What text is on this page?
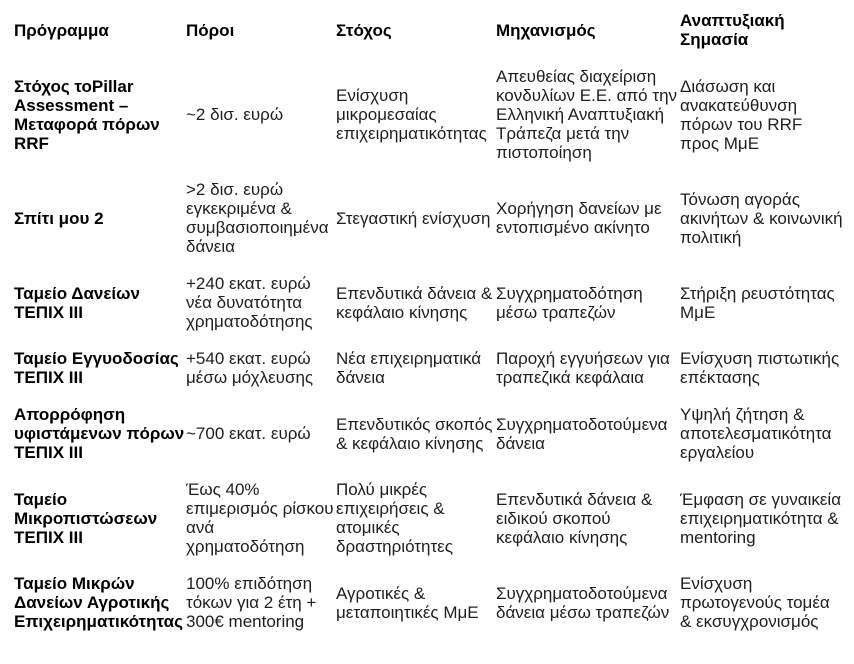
Πρόγραμμα	Πόροι	Στόχος	Μηχανισμός	Αναπτυξιακή Σημασία
Στόχος τοPillar Assessment – Μεταφορά πόρων RRF	~2 δισ. ευρώ	Ενίσχυση μικρομεσαίας επιχειρηματικότητας	Απευθείας διαχείριση κονδυλίων Ε.Ε. από την Ελληνική Αναπτυξιακή Τράπεζα μετά την πιστοποίηση	Διάσωση και ανακατεύθυνση πόρων του RRF προς ΜμΕ
Σπίτι μου 2	>2 δισ. ευρώ εγκεκριμένα & συμβασιοποιημένα δάνεια	Στεγαστική ενίσχυση	Χορήγηση δανείων με εντοπισμένο ακίνητο	Τόνωση αγοράς ακινήτων & κοινωνική πολιτική
Ταμείο Δανείων ΤΕΠΙΧ III	+240 εκατ. ευρώ νέα δυνατότητα χρηματοδότησης	Επενδυτικά δάνεια & κεφάλαιο κίνησης	Συγχρηματοδότηση μέσω τραπεζών	Στήριξη ρευστότητας ΜμΕ
Ταμείο Εγγυοδοσίας ΤΕΠΙΧ III	+540 εκατ. ευρώ μέσω μόχλευσης	Νέα επιχειρηματικά δάνεια	Παροχή εγγυήσεων για τραπεζικά κεφάλαια	Ενίσχυση πιστωτικής επέκτασης
Απορρόφηση υφιστάμενων πόρων ΤΕΠΙΧ III	~700 εκατ. ευρώ	Επενδυτικός σκοπός & κεφάλαιο κίνησης	Συγχρηματοδοτούμενα δάνεια	Υψηλή ζήτηση & αποτελεσματικότητα εργαλείου
Ταμείο Μικροπιστώσεων ΤΕΠΙΧ III	Έως 40% επιμερισμός ρίσκου ανά χρηματοδότηση	Πολύ μικρές επιχειρήσεις & ατομικές δραστηριότητες	Επενδυτικά δάνεια & ειδικού σκοπού κεφάλαιο κίνησης	Έμφαση σε γυναικεία επιχειρηματικότητα & mentoring
Ταμείο Μικρών Δανείων Αγροτικής Επιχειρηματικότητας	100% επιδότηση τόκων για 2 έτη + 300€ mentoring	Αγροτικές & μεταποιητικές ΜμΕ	Συγχρηματοδοτούμενα δάνεια μέσω τραπεζών	Ενίσχυση πρωτογενούς τομέα & εκσυγχρονισμός
